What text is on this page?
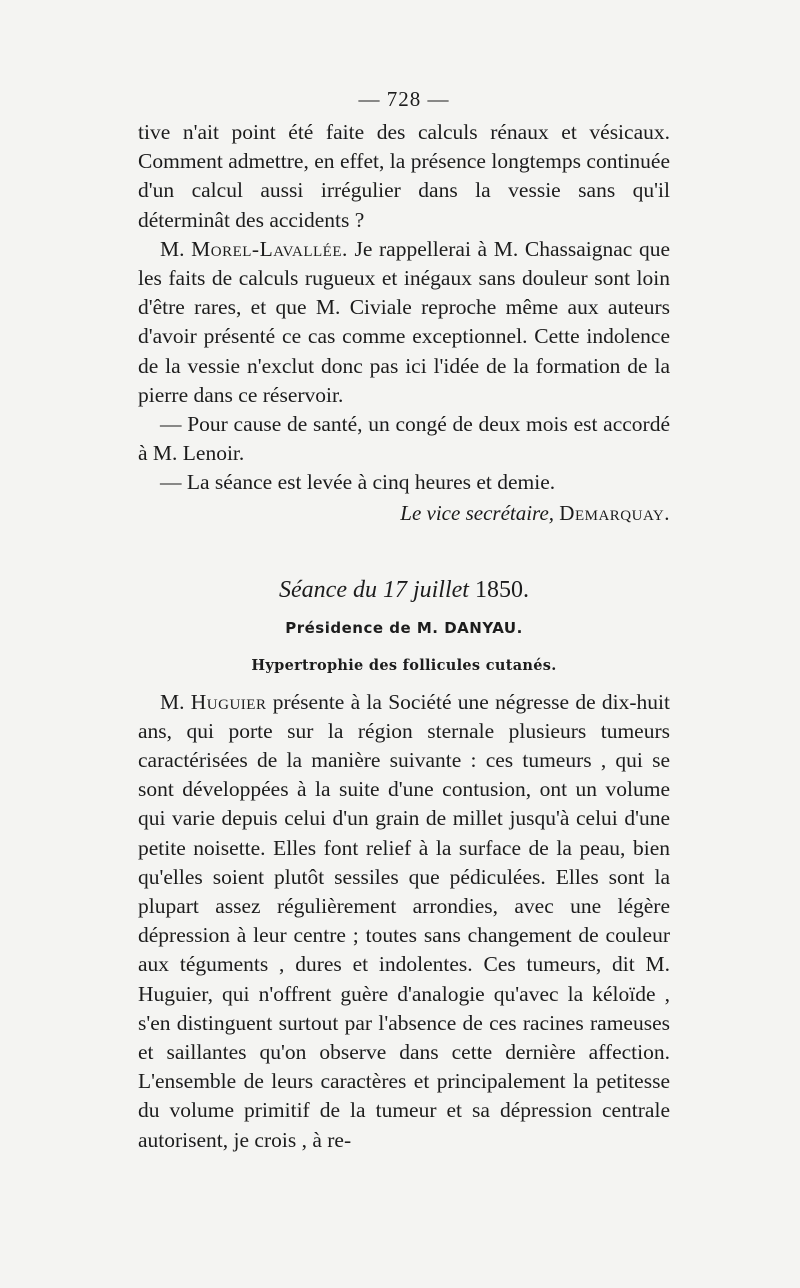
— 728 —

tive n'ait point été faite des calculs rénaux et vésicaux. Comment admettre, en effet, la présence longtemps continuée d'un calcul aussi irrégulier dans la vessie sans qu'il déterminât des accidents ?

M. Morel-Lavallée. Je rappellerai à M. Chassaignac que les faits de calculs rugueux et inégaux sans douleur sont loin d'être rares, et que M. Civiale reproche même aux auteurs d'avoir présenté ce cas comme exceptionnel. Cette indolence de la vessie n'exclut donc pas ici l'idée de la formation de la pierre dans ce réservoir.

— Pour cause de santé, un congé de deux mois est accordé à M. Lenoir.

— La séance est levée à cinq heures et demie.

Le vice secrétaire, Demarquay.
Séance du 17 juillet 1850.
Présidence de M. DANYAU.
Hypertrophie des follicules cutanés.

M. Huguier présente à la Société une négresse de dix-huit ans, qui porte sur la région sternale plusieurs tumeurs caractérisées de la manière suivante : ces tumeurs , qui se sont développées à la suite d'une contusion, ont un volume qui varie depuis celui d'un grain de millet jusqu'à celui d'une petite noisette. Elles font relief à la surface de la peau, bien qu'elles soient plutôt sessiles que pédiculées. Elles sont la plupart assez régulièrement arrondies, avec une légère dépression à leur centre ; toutes sans changement de couleur aux téguments , dures et indolentes. Ces tumeurs, dit M. Huguier, qui n'offrent guère d'analogie qu'avec la kéloïde , s'en distinguent surtout par l'absence de ces racines rameuses et saillantes qu'on observe dans cette dernière affection. L'ensemble de leurs caractères et principalement la petitesse du volume primitif de la tumeur et sa dépression centrale autorisent, je crois , à re-
